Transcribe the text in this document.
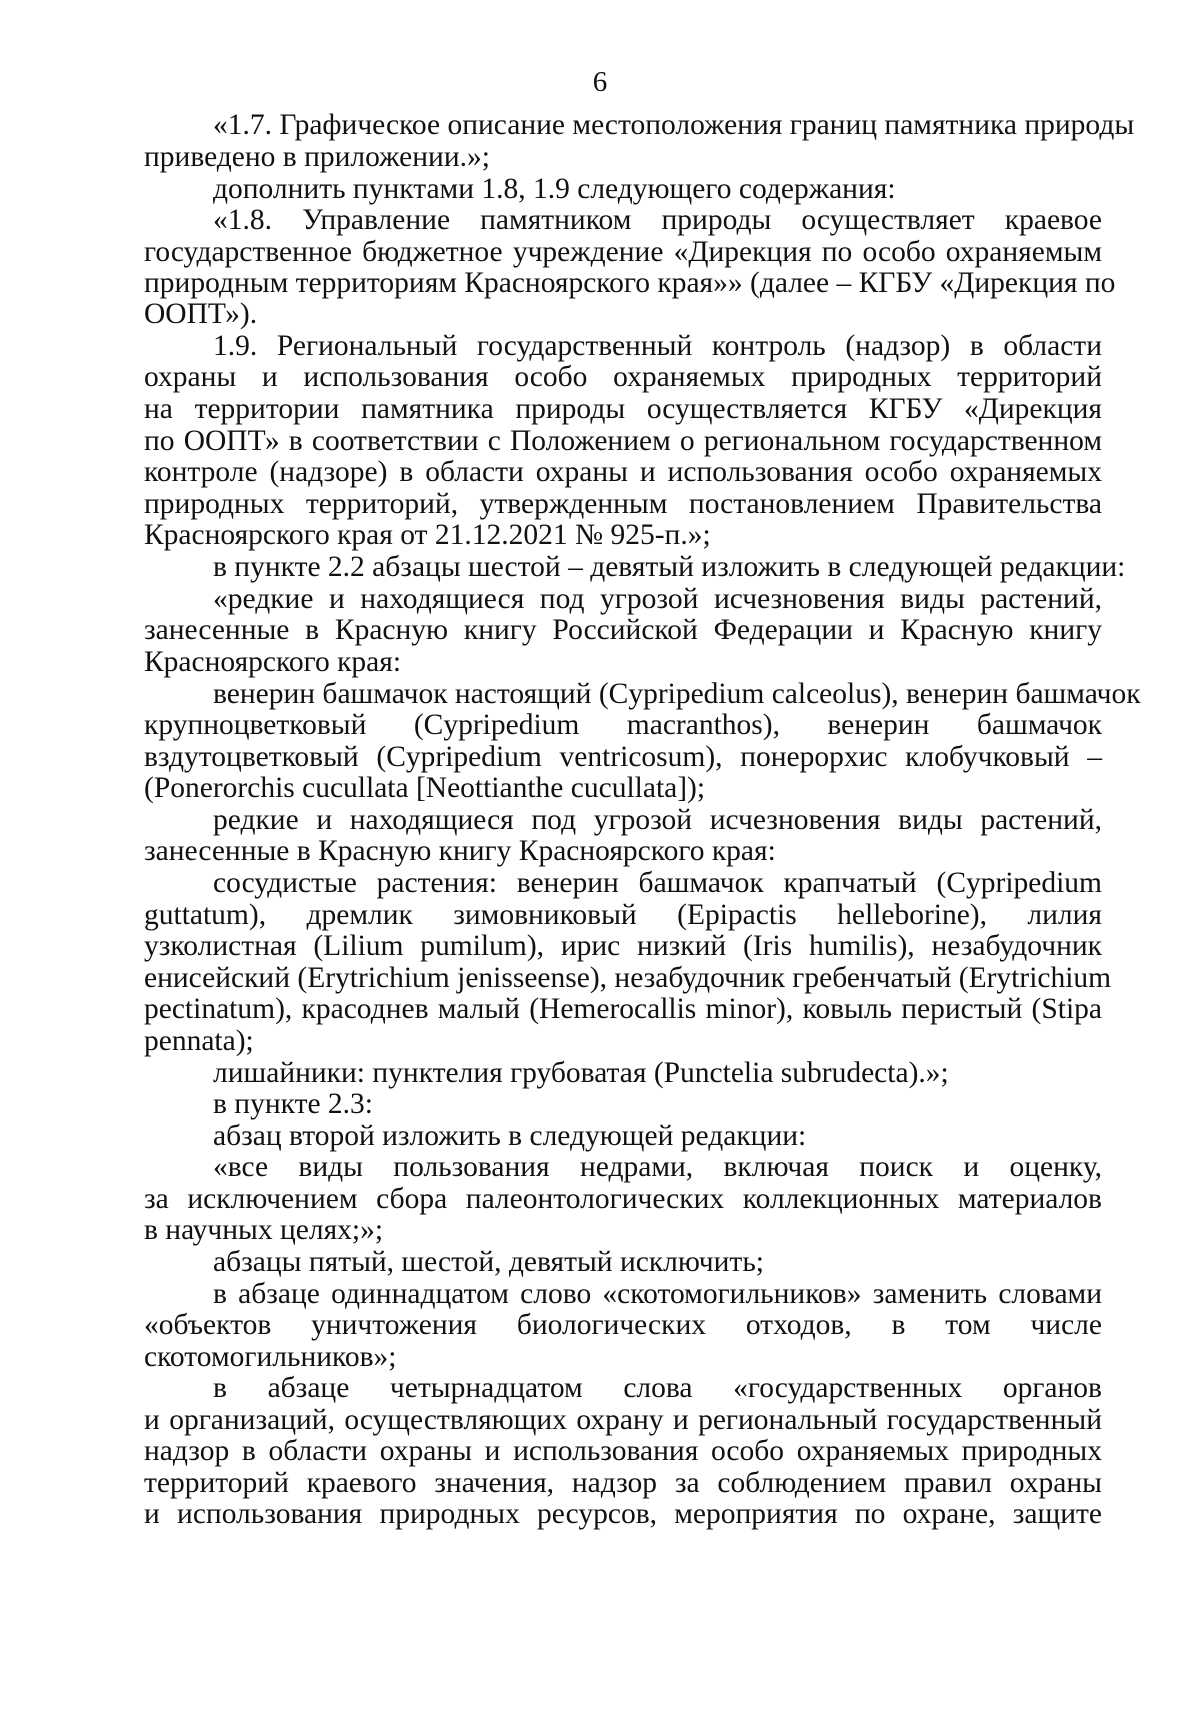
6
«1.7. Графическое описание местоположения границ памятника природы
приведено в приложении.»;
дополнить пунктами 1.8, 1.9 следующего содержания:
«1.8. Управление памятником природы осуществляет краевое
государственное бюджетное учреждение «Дирекция по особо охраняемым
природным территориям Красноярского края»» (далее – КГБУ «Дирекция по
ООПТ»).
1.9. Региональный государственный контроль (надзор) в области
охраны и использования особо охраняемых природных территорий
на территории памятника природы осуществляется КГБУ «Дирекция
по ООПТ» в соответствии с Положением о региональном государственном
контроле (надзоре) в области охраны и использования особо охраняемых
природных территорий, утвержденным постановлением Правительства
Красноярского края от 21.12.2021 № 925-п.»;
в пункте 2.2 абзацы шестой – девятый изложить в следующей редакции:
«редкие и находящиеся под угрозой исчезновения виды растений,
занесенные в Красную книгу Российской Федерации и Красную книгу
Красноярского края:
венерин башмачок настоящий (Cypripedium calceolus), венерин башмачок
крупноцветковый (Cypripedium macranthos), венерин башмачок
вздутоцветковый (Cypripedium ventricosum), понерорхис клобучковый –
(Ponerorchis cucullata [Neottianthe cucullata]);
редкие и находящиеся под угрозой исчезновения виды растений,
занесенные в Красную книгу Красноярского края:
сосудистые растения: венерин башмачок крапчатый (Cypripedium
guttatum), дремлик зимовниковый (Epipactis helleborine), лилия
узколистная (Lilium pumilum), ирис низкий (Iris humilis), незабудочник
енисейский (Erytrichium jenisseense), незабудочник гребенчатый (Erytrichium
pectinatum), красоднев малый (Hemerocallis minor), ковыль перистый (Stipa
pennata);
лишайники: пунктелия грубоватая (Punctelia subrudecta).»;
в пункте 2.3:
абзац второй изложить в следующей редакции:
«все виды пользования недрами, включая поиск и оценку,
за исключением сбора палеонтологических коллекционных материалов
в научных целях;»;
абзацы пятый, шестой, девятый исключить;
в абзаце одиннадцатом слово «скотомогильников» заменить словами
«объектов уничтожения биологических отходов, в том числе
скотомогильников»;
в абзаце четырнадцатом слова «государственных органов
и организаций, осуществляющих охрану и региональный государственный
надзор в области охраны и использования особо охраняемых природных
территорий краевого значения, надзор за соблюдением правил охраны
и использования природных ресурсов, мероприятия по охране, защите
